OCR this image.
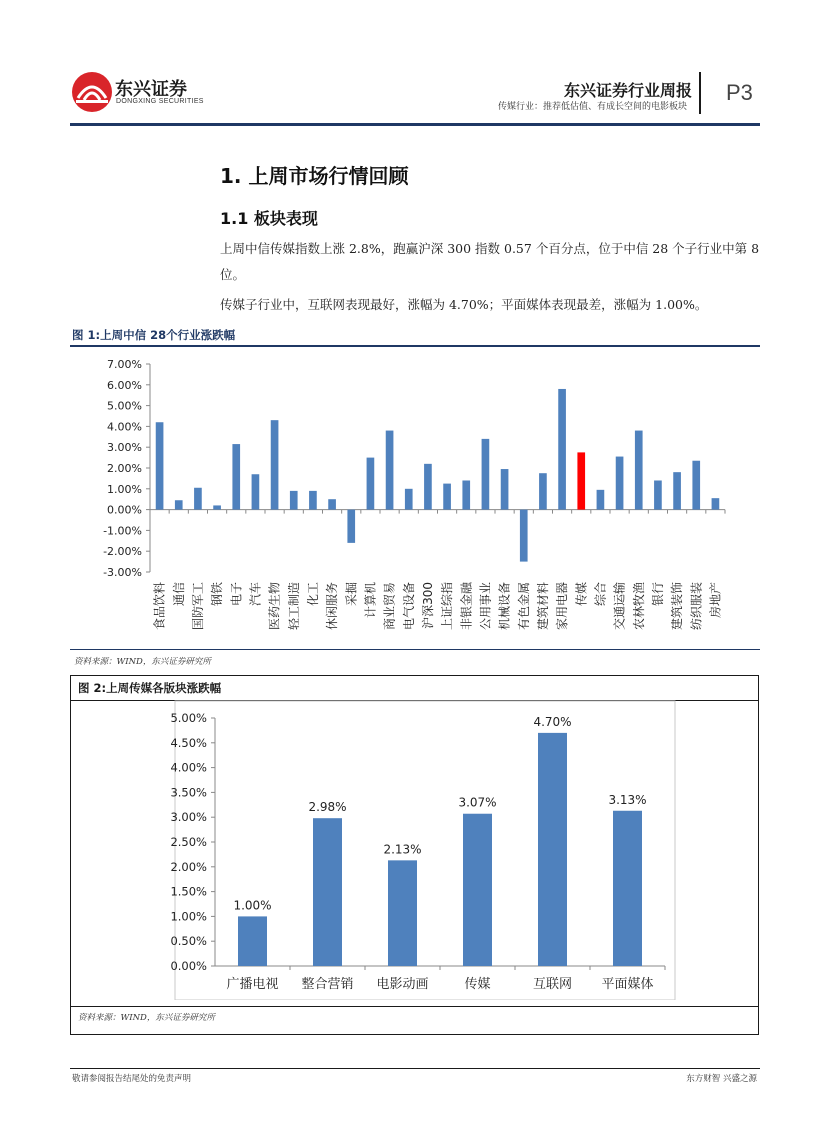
东兴证券
DONGXING SECURITIES
东兴证券行业周报
传媒行业：推荐低估值、有成长空间的电影板块
P3
1. 上周市场行情回顾
1.1 板块表现
上周中信传媒指数上涨 2.8%，跑赢沪深 300 指数 0.57 个百分点，位于中信 28 个子行业中第 8 位。
传媒子行业中，互联网表现最好，涨幅为 4.70%；平面媒体表现最差，涨幅为 1.00%。
图 1:上周中信 28个行业涨跌幅
7.00%
6.00%
5.00%
4.00%
3.00%
2.00%
1.00%
0.00%
-1.00%
-2.00%
-3.00%
食品饮料 通信 国防军工 钢铁 电子 汽车 医药生物 轻工制造 化工 休闲服务 采掘 计算机 商业贸易 电气设备 沪深300 上证综指 非银金融 公用事业 机械设备 有色金属 建筑材料 家用电器 传媒 综合 交通运输 农林牧渔 银行 建筑装饰 纺织服装 房地产
资料来源：WIND，东兴证券研究所
图 2:上周传媒各版块涨跌幅
5.00%
4.50%
4.00%
3.50%
3.00%
2.50%
2.00%
1.50%
1.00%
0.50%
0.00%
1.00%
广播电视
2.98%
整合营销
2.13%
电影动画
3.07%
传媒
4.70%
互联网
3.13%
平面媒体
资料来源：WIND，东兴证券研究所
敬请参阅报告结尾处的免责声明	东方财智 兴盛之源
